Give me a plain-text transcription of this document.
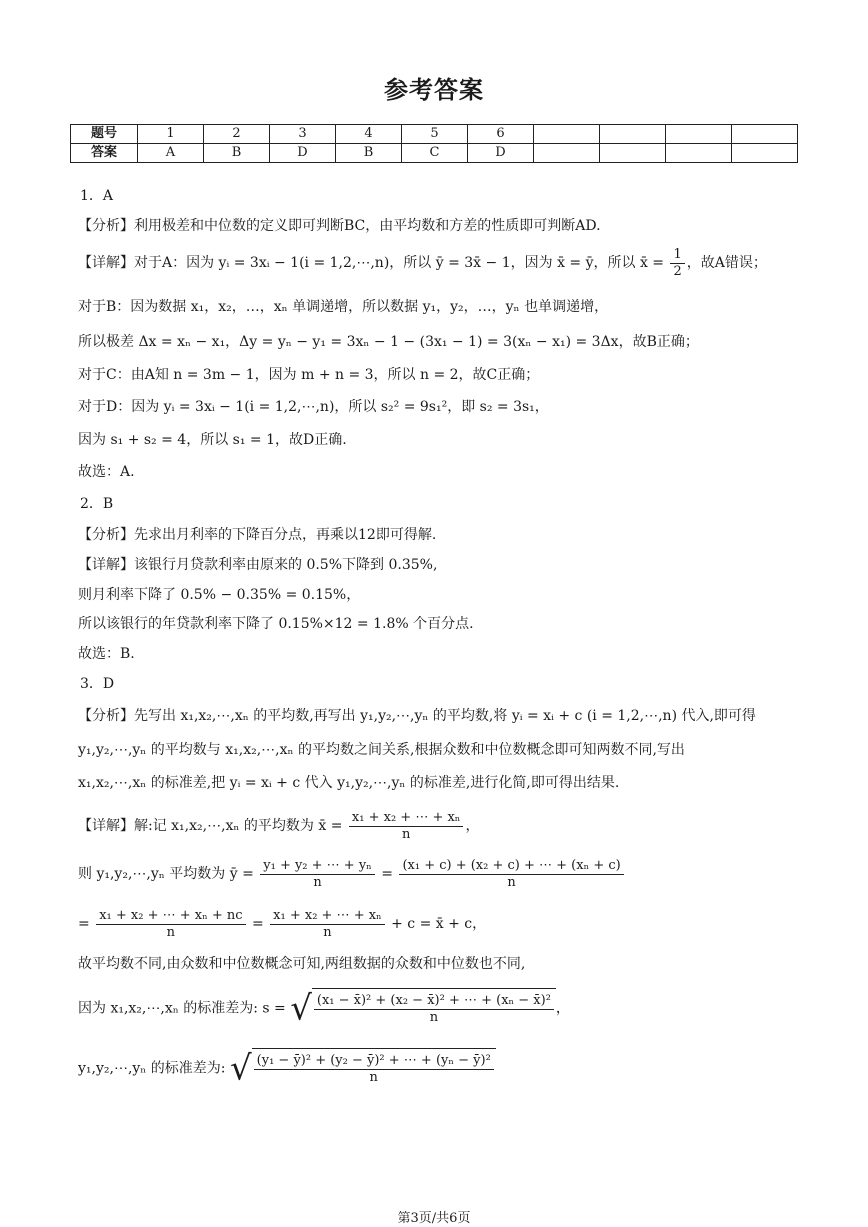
参考答案
题号	1	2	3	4	5	6				
答案	A	B	D	B	C	D				
1．A
【分析】利用极差和中位数的定义即可判断BC，由平均数和方差的性质即可判断AD.
【详解】对于A：因为 yᵢ = 3xᵢ − 1(i = 1,2,⋯,n)，所以 ȳ = 3x̄ − 1，因为 x̄ = ȳ，所以 x̄ = $\frac{1}{2}$ ，故A错误；
对于B：因为数据 x₁，x₂，…，xₙ 单调递增，所以数据 y₁，y₂，…，yₙ 也单调递增，
所以极差 Δx = xₙ − x₁，Δy = yₙ − y₁ = 3xₙ − 1 − (3x₁ − 1) = 3(xₙ − x₁) = 3Δx，故B正确；
对于C：由A知 n = 3m − 1，因为 m + n = 3，所以 n = 2，故C正确；
对于D：因为 yᵢ = 3xᵢ − 1(i = 1,2,⋯,n)，所以 s₂² = 9s₁²，即 s₂ = 3s₁，
因为 s₁ + s₂ = 4，所以 s₁ = 1，故D正确.
故选：A.
2．B
【分析】先求出月利率的下降百分点，再乘以12即可得解.
【详解】该银行月贷款利率由原来的 0.5%下降到 0.35%,
则月利率下降了 0.5% − 0.35% = 0.15%，
所以该银行的年贷款利率下降了 0.15%×12 = 1.8% 个百分点.
故选：B.
3．D
【分析】先写出 x₁,x₂,⋯,xₙ 的平均数,再写出 y₁,y₂,⋯,yₙ 的平均数,将 yᵢ = xᵢ + c (i = 1,2,⋯,n) 代入,即可得
y₁,y₂,⋯,yₙ 的平均数与 x₁,x₂,⋯,xₙ 的平均数之间关系,根据众数和中位数概念即可知两数不同,写出
x₁,x₂,⋯,xₙ 的标准差,把 yᵢ = xᵢ + c 代入 y₁,y₂,⋯,yₙ 的标准差,进行化简,即可得出结果.
【详解】解:记 x₁,x₂,⋯,xₙ 的平均数为 x̄ = $\frac{\text{x₁ + x₂ + ⋯ + xₙ}}{n}$ ，
则 y₁,y₂,⋯,yₙ 平均数为 ȳ = $\frac{\text{y₁ + y₂ + ⋯ + yₙ}}{n} = \frac{\text{(x₁ + c) + (x₂ + c) + ⋯ + (xₙ + c)}}{n}$
= $\frac{\text{x₁ + x₂ + ⋯ + xₙ + nc}}{n} = \frac{\text{x₁ + x₂ + ⋯ + xₙ}}{n} + c$ = x̄ + c，
故平均数不同,由众数和中位数概念可知,两组数据的众数和中位数也不同,
因为 x₁,x₂,⋯,xₙ 的标准差为: s = √ $\frac{\text{(x₁ − x̄)² + (x₂ − x̄)² + ⋯ + (xₙ − x̄)²}}{n}$ ，
y₁,y₂,⋯,yₙ 的标准差为: √ $\frac{\text{(y₁ − ȳ)² + (y₂ − ȳ)² + ⋯ + (yₙ − ȳ)²}}{n}$
第3页/共6页
